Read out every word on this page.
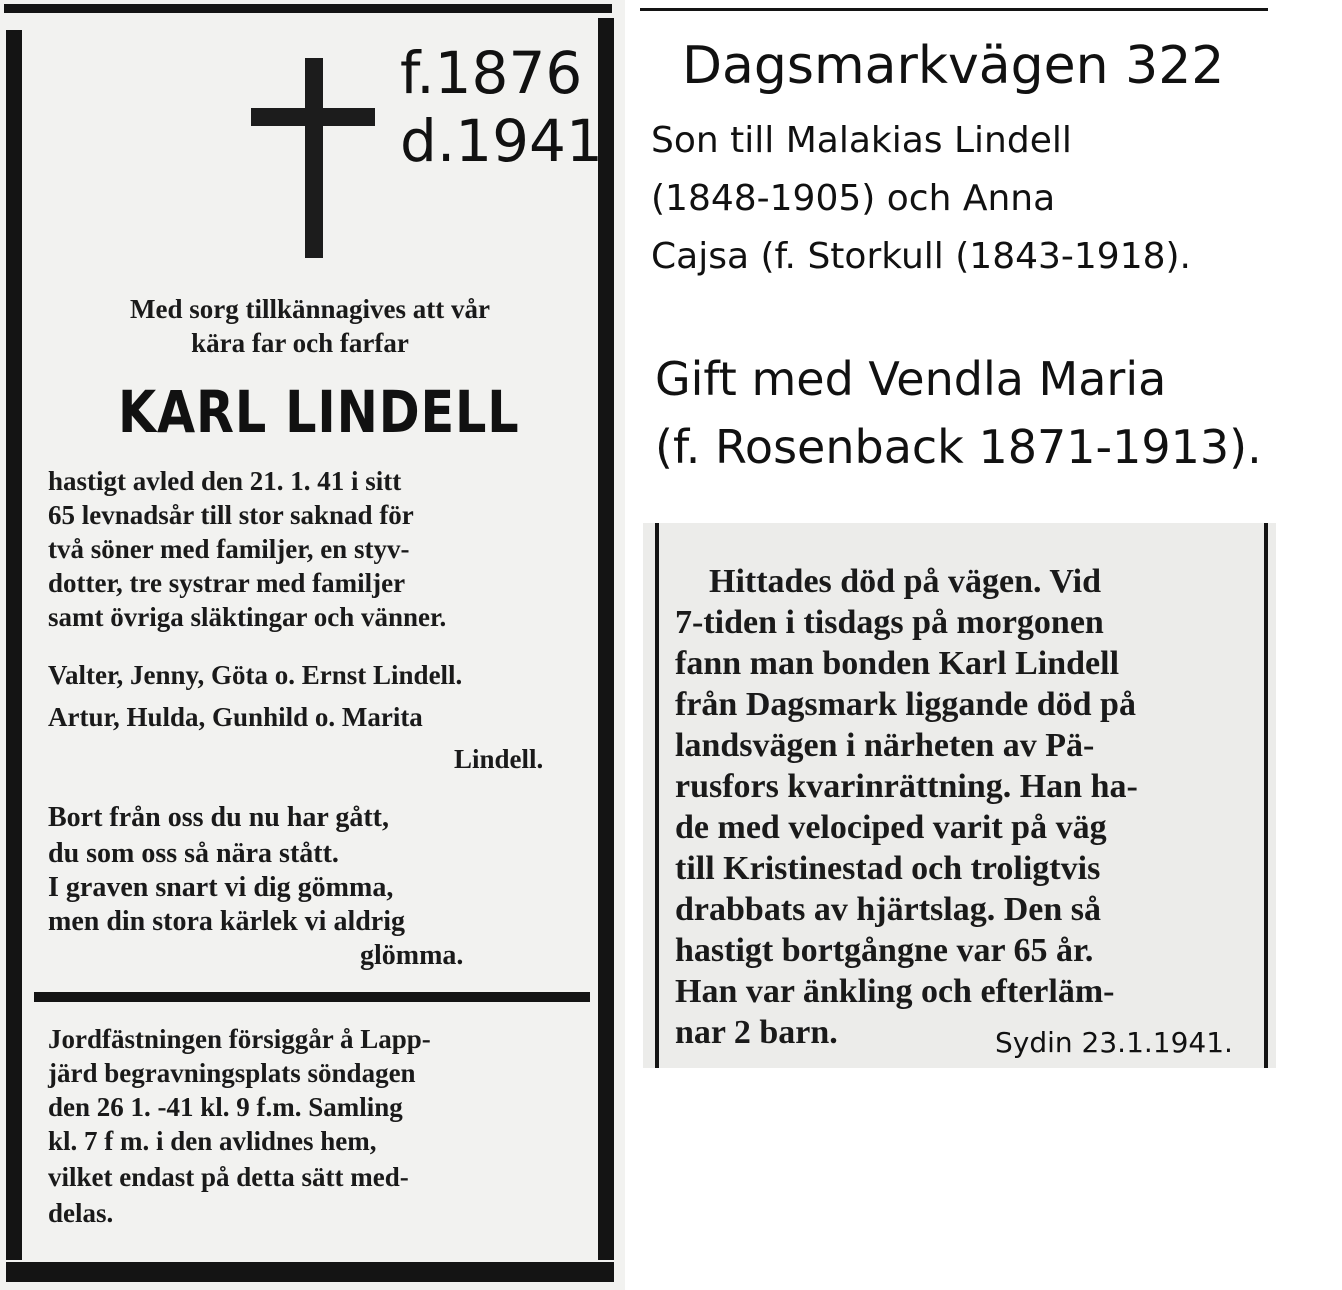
f.1876
d.1941
Med sorg tillkännagives att vår
kära far och farfar
KARL LINDELL
hastigt avled den 21. 1. 41 i sitt
65 levnadsår till stor saknad för
två söner med familjer, en styv-
dotter, tre systrar med familjer
samt övriga släktingar och vänner.
Valter, Jenny, Göta o. Ernst Lindell.
Artur, Hulda, Gunhild o. Marita
Lindell.
Bort från oss du nu har gått,
du som oss så nära stått.
I graven snart vi dig gömma,
men din stora kärlek vi aldrig
glömma.
Jordfästningen försiggår å Lapp-
järd begravningsplats söndagen
den 26 1. -41 kl. 9 f.m. Samling
kl. 7 f m. i den avlidnes hem,
vilket endast på detta sätt med-
delas.
Dagsmarkvägen 322
Son till Malakias Lindell
(1848-1905) och Anna
Cajsa (f. Storkull (1843-1918).
Gift med Vendla Maria
(f. Rosenback 1871-1913).
Hittades död på vägen. Vid
7-tiden i tisdags på morgonen
fann man bonden Karl Lindell
från Dagsmark liggande död på
landsvägen i närheten av Pä-
rusfors kvarinrättning. Han ha-
de med velociped varit på väg
till Kristinestad och troligtvis
drabbats av hjärtslag. Den så
hastigt bortgångne var 65 år.
Han var änkling och efterläm-
nar 2 barn.	Sydin 23.1.1941.
